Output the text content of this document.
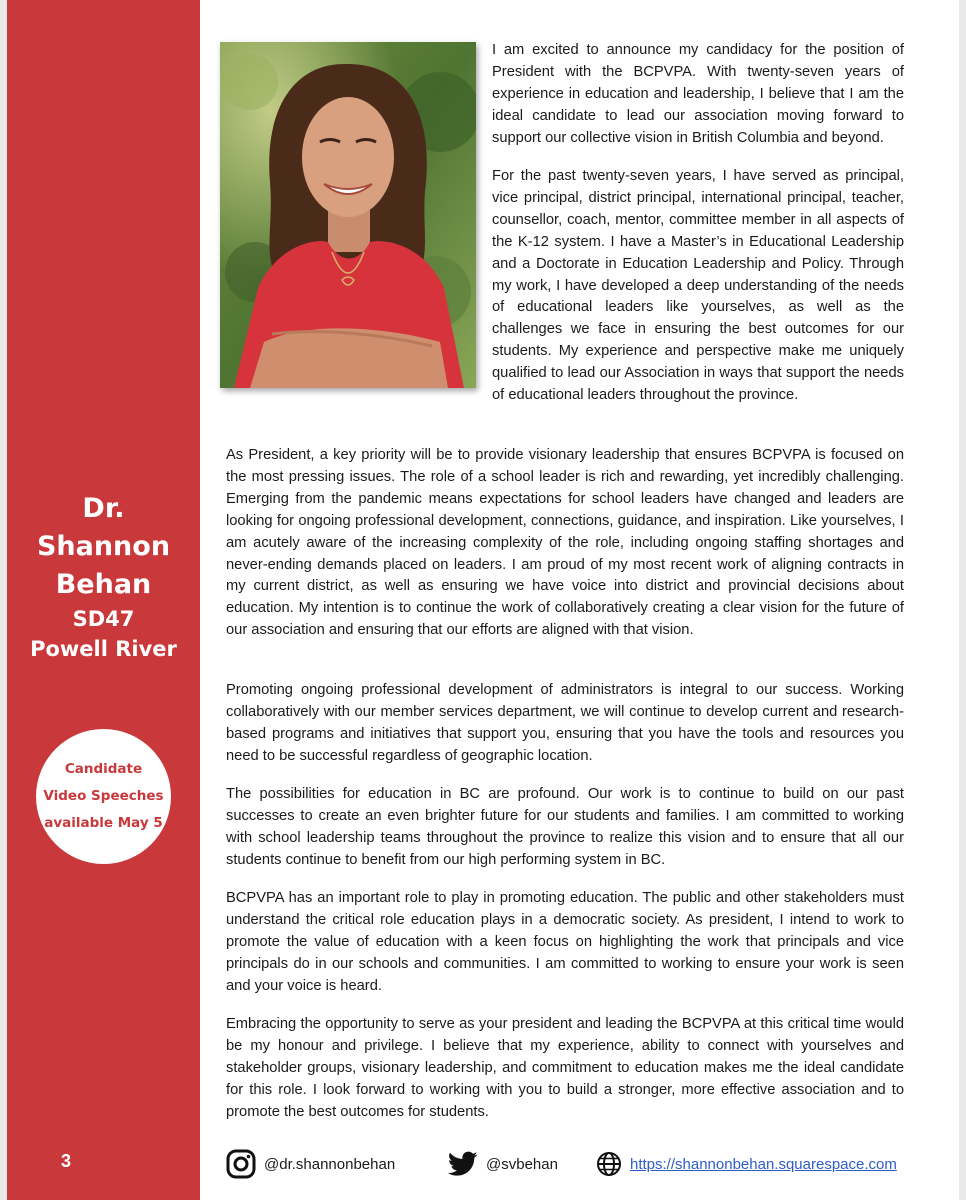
Dr.
Shannon
Behan
SD47
Powell River
Candidate
Video Speeches
available May 5
3

I am excited to announce my candidacy for the position of President with the BCPVPA. With twenty-seven years of experience in education and leadership, I believe that I am the ideal candidate to lead our association moving forward to support our collective vision in British Columbia and beyond.

For the past twenty-seven years, I have served as principal, vice principal, district principal, international principal, teacher, counsellor, coach, mentor, committee member in all aspects of the K-12 system. I have a Master’s in Educational Leadership and a Doctorate in Education Leadership and Policy. Through my work, I have developed a deep understanding of the needs of educational leaders like yourselves, as well as the challenges we face in ensuring the best outcomes for our students. My experience and perspective make me uniquely qualified to lead our Association in ways that support the needs of educational leaders throughout the province.

As President, a key priority will be to provide visionary leadership that ensures BCPVPA is focused on the most pressing issues. The role of a school leader is rich and rewarding, yet incredibly challenging. Emerging from the pandemic means expectations for school leaders have changed and leaders are looking for ongoing professional development, connections, guidance, and inspiration. Like yourselves, I am acutely aware of the increasing complexity of the role, including ongoing staffing shortages and never-ending demands placed on leaders. I am proud of my most recent work of aligning contracts in my current district, as well as ensuring we have voice into district and provincial decisions about education. My intention is to continue the work of collaboratively creating a clear vision for the future of our association and ensuring that our efforts are aligned with that vision.

Promoting ongoing professional development of administrators is integral to our success. Working collaboratively with our member services department, we will continue to develop current and research-based programs and initiatives that support you, ensuring that you have the tools and resources you need to be successful regardless of geographic location.

The possibilities for education in BC are profound. Our work is to continue to build on our past successes to create an even brighter future for our students and families. I am committed to working with school leadership teams throughout the province to realize this vision and to ensure that all our students continue to benefit from our high performing system in BC.

BCPVPA has an important role to play in promoting education. The public and other stakeholders must understand the critical role education plays in a democratic society. As president, I intend to work to promote the value of education with a keen focus on highlighting the work that principals and vice principals do in our schools and communities. I am committed to working to ensure your work is seen and your voice is heard.

Embracing the opportunity to serve as your president and leading the BCPVPA at this critical time would be my honour and privilege. I believe that my experience, ability to connect with yourselves and stakeholder groups, visionary leadership, and commitment to education makes me the ideal candidate for this role. I look forward to working with you to build a stronger, more effective association and to promote the best outcomes for students.

@dr.shannonbehan	@svbehan	https://shannonbehan.squarespace.com
